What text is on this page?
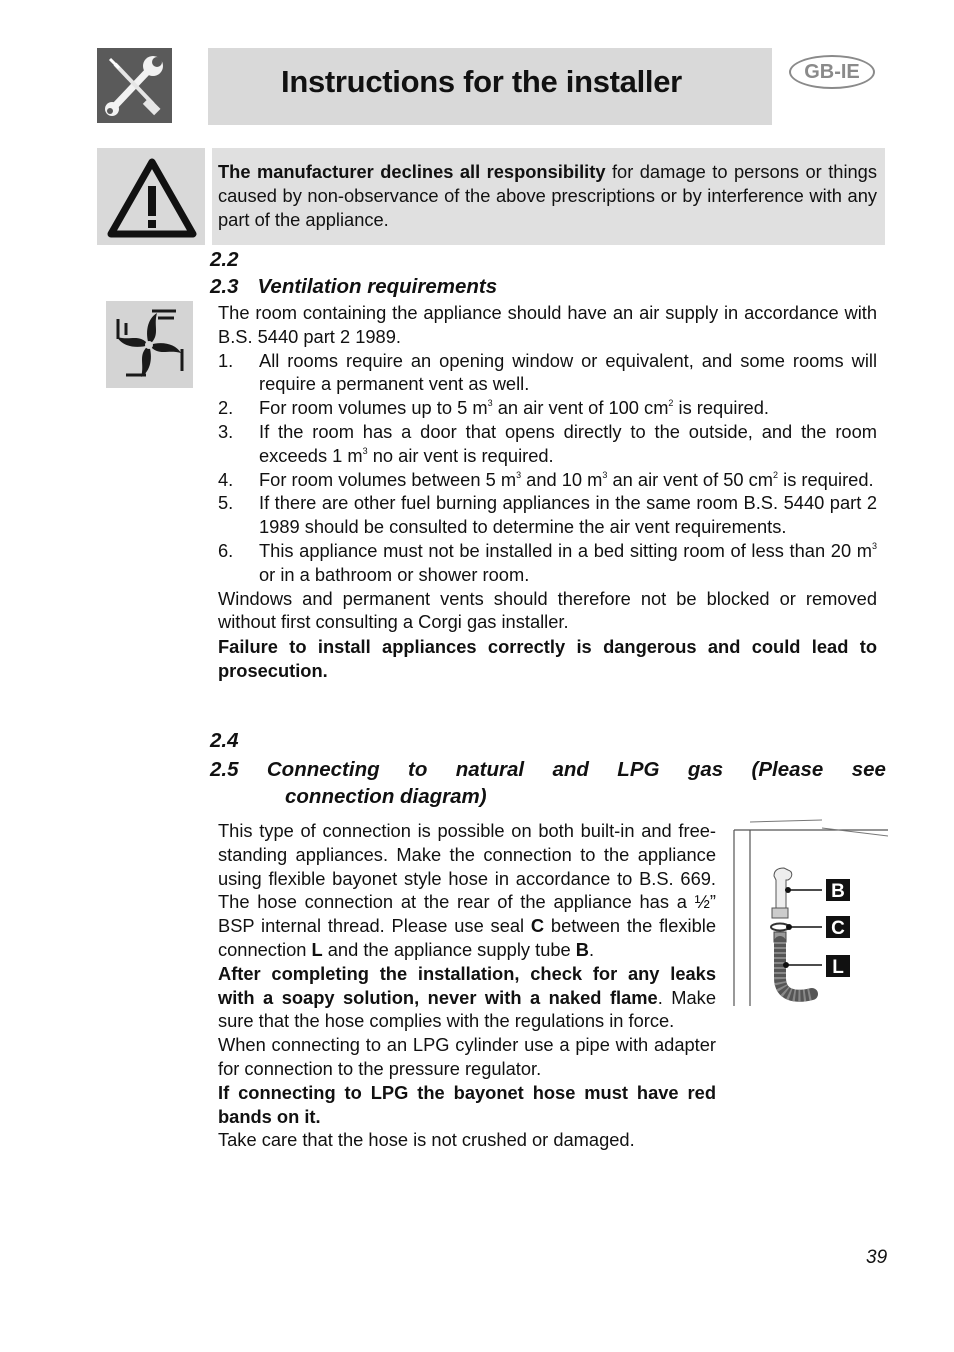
Instructions for the installer	GB-IE
The manufacturer declines all responsibility for damage to persons or things caused by non-observance of the above prescriptions or by interference with any part of the appliance.
2.2
2.3 Ventilation requirements

The room containing the appliance should have an air supply in accordance with B.S. 5440 part 2 1989.

1. All rooms require an opening window or equivalent, and some rooms will require a permanent vent as well.
2. For room volumes up to 5 $m^3$ an air vent of 100 $cm^2$ is required.
3. If the room has a door that opens directly to the outside, and the room exceeds 1 $m^3$ no air vent is required.
4. For room volumes between 5 $m^3$ and 10 $m^3$ an air vent of 50 $cm^2$ is required.
5. If there are other fuel burning appliances in the same room B.S. 5440 part 2 1989 should be consulted to determine the air vent requirements.
6. This appliance must not be installed in a bed sitting room of less than 20 $m^3$ or in a bathroom or shower room.

Windows and permanent vents should therefore not be blocked or removed without first consulting a Corgi gas installer.

Failure to install appliances correctly is dangerous and could lead to prosecution.

2.4
2.5 Connecting to natural and LPG gas (Please see
connection diagram)

This type of connection is possible on both built-in and free-standing appliances. Make the connection to the appliance using flexible bayonet style hose in accordance to B.S. 669. The hose connection at the rear of the appliance has a ½” BSP internal thread. Please use seal C between the flexible connection L and the appliance supply tube B.

After completing the installation, check for any leaks with a soapy solution, never with a naked flame. Make sure that the hose complies with the regulations in force.

When connecting to an LPG cylinder use a pipe with adapter for connection to the pressure regulator.

If connecting to LPG the bayonet hose must have red bands on it.

Take care that the hose is not crushed or damaged.

B
C
L
39
